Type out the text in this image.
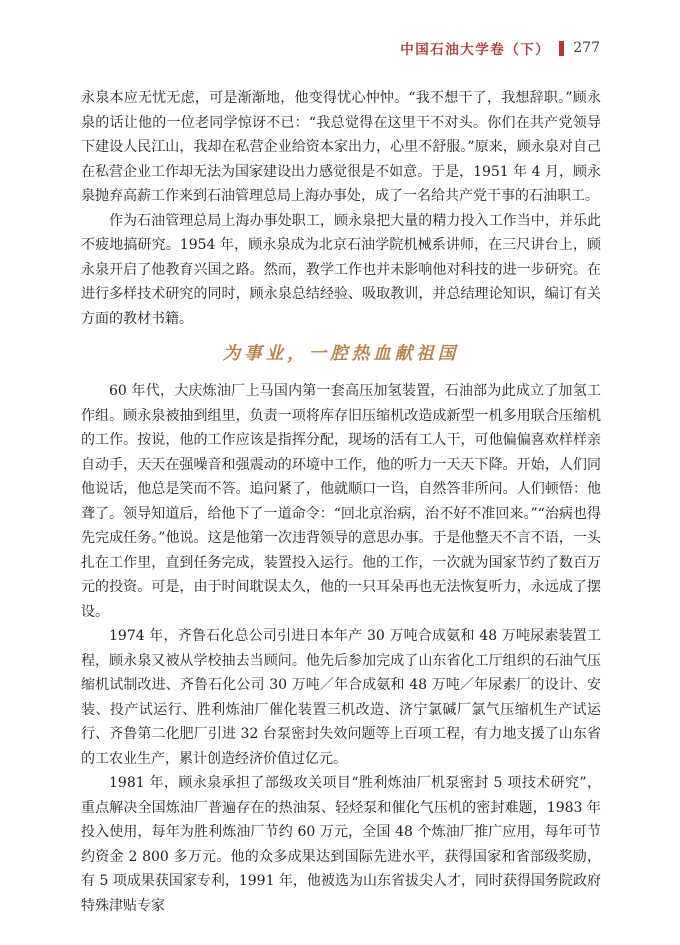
中国石油大学卷（下） 277

永泉本应无忧无虑，可是渐渐地，他变得忧心忡忡。“我不想干了，我想辞职。”顾永泉的话让他的一位老同学惊讶不已：“我总觉得在这里干不对头。你们在共产党领导下建设人民江山，我却在私营企业给资本家出力，心里不舒服。”原来，顾永泉对自己在私营企业工作却无法为国家建设出力感觉很是不如意。于是，1951 年 4 月，顾永泉抛弃高薪工作来到石油管理总局上海办事处，成了一名给共产党干事的石油职工。

作为石油管理总局上海办事处职工，顾永泉把大量的精力投入工作当中，并乐此不疲地搞研究。1954 年，顾永泉成为北京石油学院机械系讲师，在三尺讲台上，顾永泉开启了他教育兴国之路。然而，教学工作也并未影响他对科技的进一步研究。在进行多样技术研究的同时，顾永泉总结经验、吸取教训，并总结理论知识，编订有关方面的教材书籍。

为事业，一腔热血献祖国

60 年代，大庆炼油厂上马国内第一套高压加氢装置，石油部为此成立了加氢工作组。顾永泉被抽到组里，负责一项将库存旧压缩机改造成新型一机多用联合压缩机的工作。按说，他的工作应该是指挥分配，现场的活有工人干，可他偏偏喜欢样样亲自动手，天天在强噪音和强震动的环境中工作，他的听力一天天下降。开始，人们同他说话，他总是笑而不答。追问紧了，他就顺口一诌，自然答非所问。人们顿悟：他聋了。领导知道后，给他下了一道命令：“回北京治病，治不好不准回来。”“治病也得先完成任务。”他说。这是他第一次违背领导的意思办事。于是他整天不言不语，一头扎在工作里，直到任务完成，装置投入运行。他的工作，一次就为国家节约了数百万元的投资。可是，由于时间耽误太久，他的一只耳朵再也无法恢复听力，永远成了摆设。

1974 年，齐鲁石化总公司引进日本年产 30 万吨合成氨和 48 万吨尿素装置工程，顾永泉又被从学校抽去当顾问。他先后参加完成了山东省化工厅组织的石油气压缩机试制改进、齐鲁石化公司 30 万吨／年合成氨和 48 万吨／年尿素厂的设计、安装、投产试运行、胜利炼油厂催化装置三机改造、济宁氯碱厂氯气压缩机生产试运行、齐鲁第二化肥厂引进 32 台泵密封失效问题等上百项工程，有力地支援了山东省的工农业生产，累计创造经济价值过亿元。

1981 年，顾永泉承担了部级攻关项目“胜利炼油厂机泵密封 5 项技术研究”，重点解决全国炼油厂普遍存在的热油泵、轻烃泵和催化气压机的密封难题，1983 年投入使用，每年为胜利炼油厂节约 60 万元，全国 48 个炼油厂推广应用，每年可节约资金 2 800 多万元。他的众多成果达到国际先进水平，获得国家和省部级奖励，有 5 项成果获国家专利，1991 年，他被选为山东省拔尖人才，同时获得国务院政府特殊津贴专家
